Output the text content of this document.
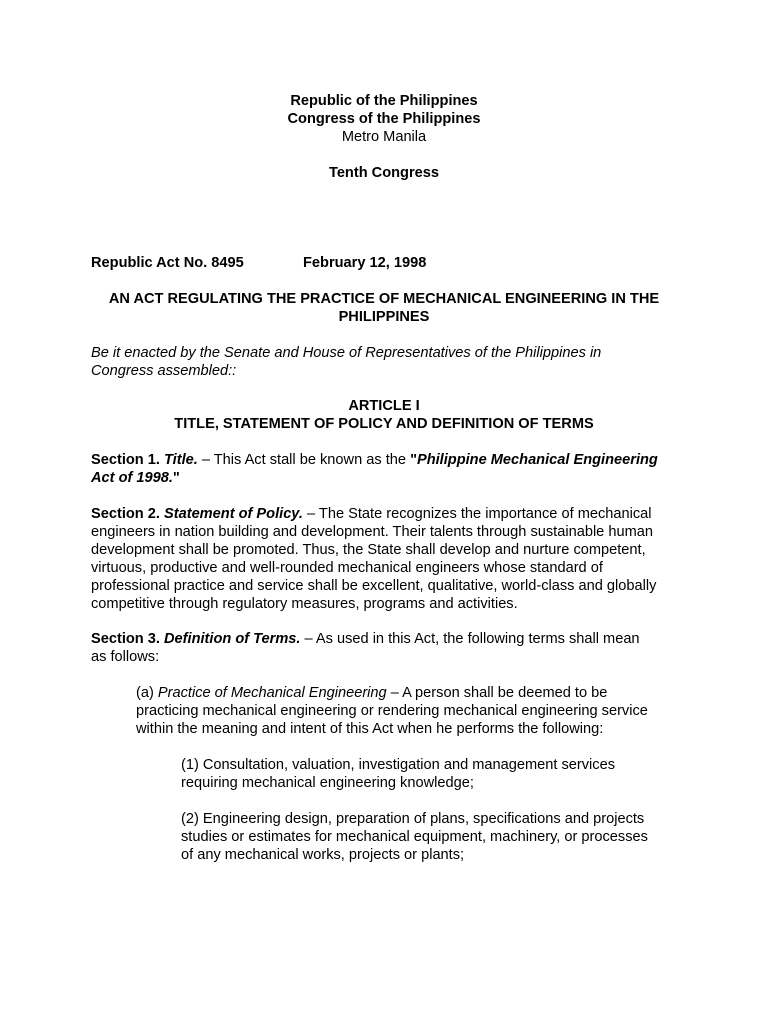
Republic of the Philippines
Congress of the Philippines
Metro Manila
Tenth Congress
Republic Act No. 8495	February 12, 1998
AN ACT REGULATING THE PRACTICE OF MECHANICAL ENGINEERING IN THE
PHILIPPINES
Be it enacted by the Senate and House of Representatives of the Philippines in
Congress assembled::
ARTICLE I
TITLE, STATEMENT OF POLICY AND DEFINITION OF TERMS
Section 1. Title. – This Act stall be known as the "Philippine Mechanical Engineering
Act of 1998."
Section 2. Statement of Policy. – The State recognizes the importance of mechanical
engineers in nation building and development. Their talents through sustainable human
development shall be promoted. Thus, the State shall develop and nurture competent,
virtuous, productive and well-rounded mechanical engineers whose standard of
professional practice and service shall be excellent, qualitative, world-class and globally
competitive through regulatory measures, programs and activities.
Section 3. Definition of Terms. – As used in this Act, the following terms shall mean
as follows:
(a) Practice of Mechanical Engineering – A person shall be deemed to be
practicing mechanical engineering or rendering mechanical engineering service
within the meaning and intent of this Act when he performs the following:
(1) Consultation, valuation, investigation and management services
requiring mechanical engineering knowledge;
(2) Engineering design, preparation of plans, specifications and projects
studies or estimates for mechanical equipment, machinery, or processes
of any mechanical works, projects or plants;
